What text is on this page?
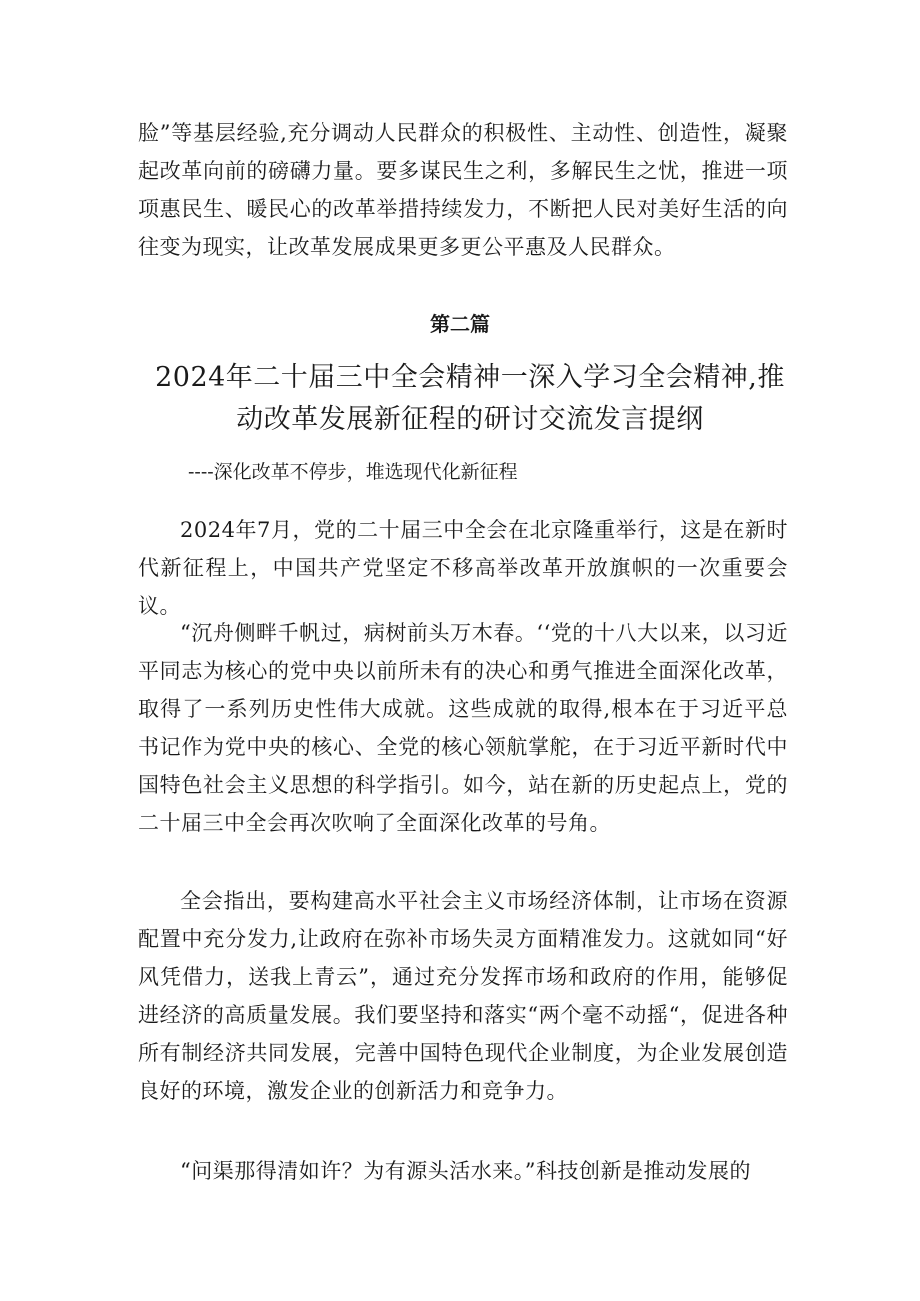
脸”等基层经验,充分调动人民群众的积极性、主动性、创造性，凝聚起改革向前的磅礴力量。要多谋民生之利，多解民生之忧，推进一项项惠民生、暖民心的改革举措持续发力，不断把人民对美好生活的向往变为现实，让改革发展成果更多更公平惠及人民群众。

第二篇

2024年二十届三中全会精神一深入学习全会精神,推

动改革发展新征程的研讨交流发言提纲

----深化改革不停步，堆选现代化新征程

2024年7月，党的二十届三中全会在北京隆重举行，这是在新时代新征程上，中国共产党坚定不移高举改革开放旗帜的一次重要会议。

“沉舟侧畔千帆过，病树前头万木春。‘‘党的十八大以来，以习近平同志为核心的党中央以前所未有的决心和勇气推进全面深化改革，取得了一系列历史性伟大成就。这些成就的取得,根本在于习近平总书记作为党中央的核心、全党的核心领航掌舵，在于习近平新时代中国特色社会主义思想的科学指引。如今，站在新的历史起点上，党的二十届三中全会再次吹响了全面深化改革的号角。

全会指出，要构建高水平社会主义市场经济体制，让市场在资源配置中充分发力,让政府在弥补市场失灵方面精准发力。这就如同“好风凭借力，送我上青云”，通过充分发挥市场和政府的作用，能够促进经济的高质量发展。我们要坚持和落实“两个毫不动摇“，促进各种所有制经济共同发展，完善中国特色现代企业制度，为企业发展创造良好的环境，激发企业的创新活力和竞争力。

“问渠那得清如许？为有源头活水来。”科技创新是推动发展的
